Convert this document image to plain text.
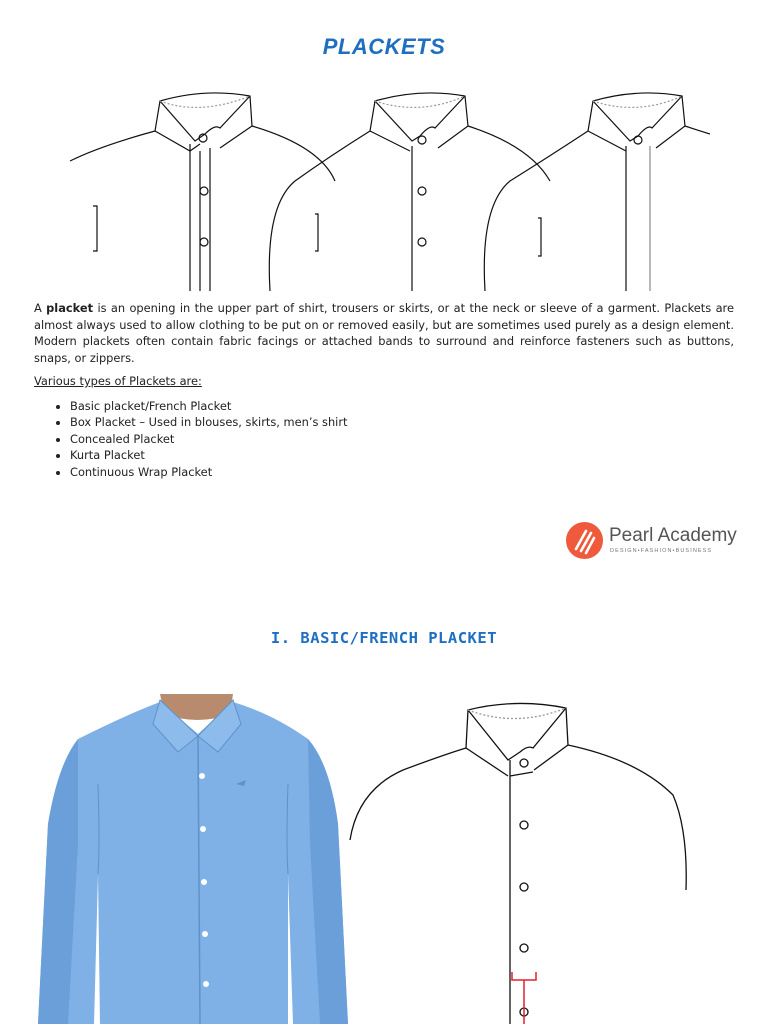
PLACKETS

A placket is an opening in the upper part of shirt, trousers or skirts, or at the neck or sleeve of a garment. Plackets are almost always used to allow clothing to be put on or removed easily, but are sometimes used purely as a design element. Modern plackets often contain fabric facings or attached bands to surround and reinforce fasteners such as buttons, snaps, or zippers.

Various types of Plackets are:

• Basic placket/French Placket
• Box Placket – Used in blouses, skirts, men’s shirt
• Concealed Placket
• Kurta Placket
• Continuous Wrap Placket
Pearl Academy
DESIGN•FASHION•BUSINESS
I. BASIC/FRENCH PLACKET
